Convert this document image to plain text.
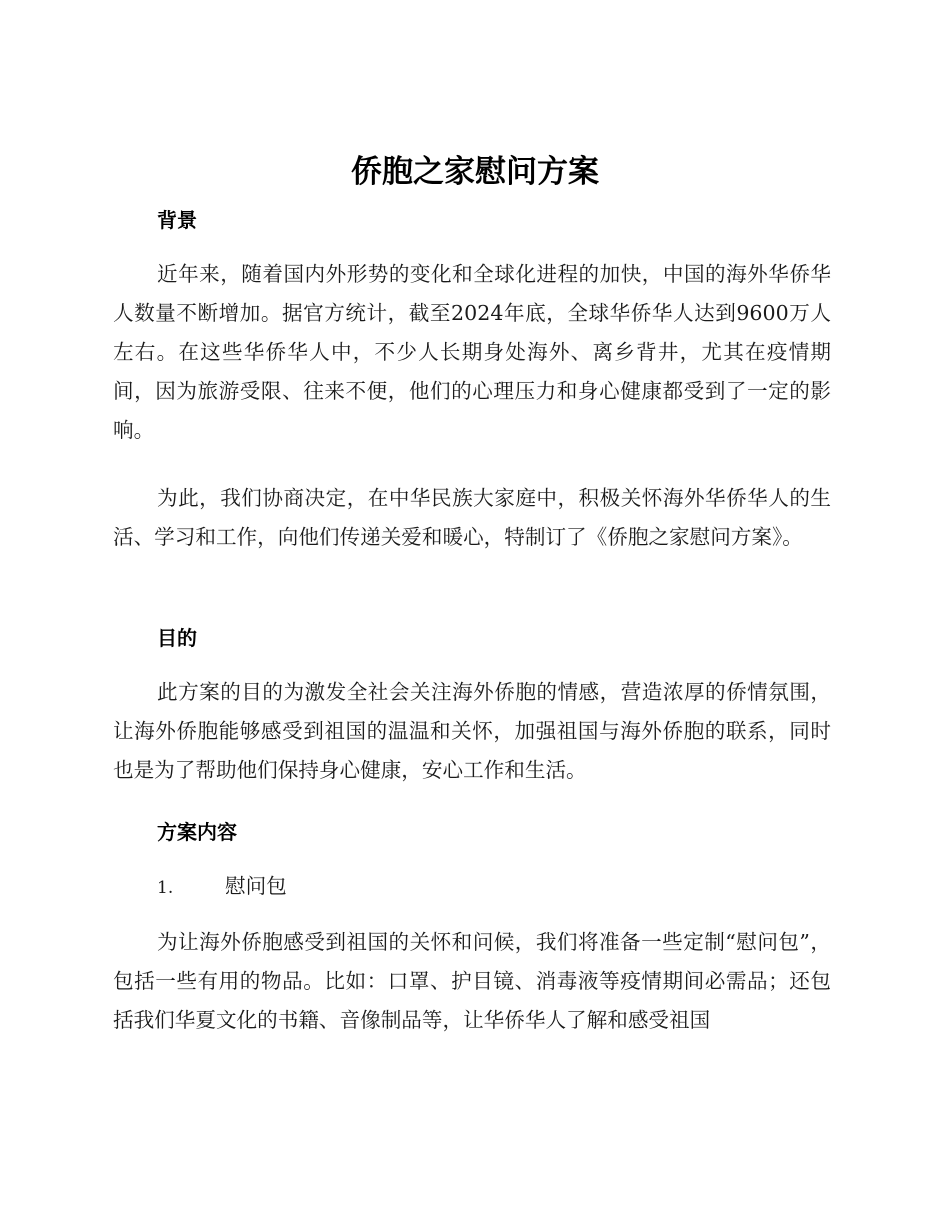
侨胞之家慰问方案
背景

近年来，随着国内外形势的变化和全球化进程的加快，中国的海外华侨华人数量不断增加。据官方统计，截至2024年底，全球华侨华人达到9600万人左右。在这些华侨华人中，不少人长期身处海外、离乡背井，尤其在疫情期间，因为旅游受限、往来不便，他们的心理压力和身心健康都受到了一定的影响。

为此，我们协商决定，在中华民族大家庭中，积极关怀海外华侨华人的生活、学习和工作，向他们传递关爱和暖心，特制订了《侨胞之家慰问方案》。

目的

此方案的目的为激发全社会关注海外侨胞的情感，营造浓厚的侨情氛围，让海外侨胞能够感受到祖国的温温和关怀，加强祖国与海外侨胞的联系，同时也是为了帮助他们保持身心健康，安心工作和生活。

方案内容
1.	慰问包

为让海外侨胞感受到祖国的关怀和问候，我们将准备一些定制“慰问包”，包括一些有用的物品。比如：口罩、护目镜、消毒液等疫情期间必需品；还包括我们华夏文化的书籍、音像制品等，让华侨华人了解和感受祖国
